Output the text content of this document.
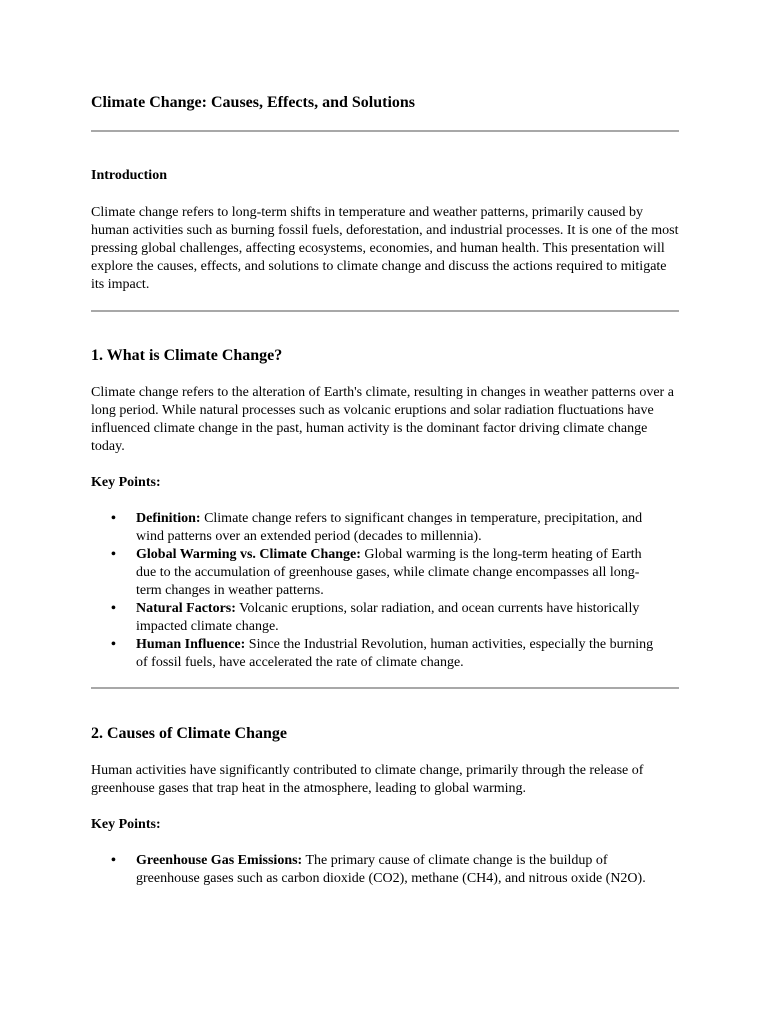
Climate Change: Causes, Effects, and Solutions
Introduction

Climate change refers to long-term shifts in temperature and weather patterns, primarily caused by human activities such as burning fossil fuels, deforestation, and industrial processes. It is one of the most pressing global challenges, affecting ecosystems, economies, and human health. This presentation will explore the causes, effects, and solutions to climate change and discuss the actions required to mitigate its impact.

1. What is Climate Change?

Climate change refers to the alteration of Earth's climate, resulting in changes in weather patterns over a long period. While natural processes such as volcanic eruptions and solar radiation fluctuations have influenced climate change in the past, human activity is the dominant factor driving climate change today.

Key Points:

• Definition: Climate change refers to significant changes in temperature, precipitation, and wind patterns over an extended period (decades to millennia).
• Global Warming vs. Climate Change: Global warming is the long-term heating of Earth due to the accumulation of greenhouse gases, while climate change encompasses all long-term changes in weather patterns.
• Natural Factors: Volcanic eruptions, solar radiation, and ocean currents have historically impacted climate change.
• Human Influence: Since the Industrial Revolution, human activities, especially the burning of fossil fuels, have accelerated the rate of climate change.
2. Causes of Climate Change

Human activities have significantly contributed to climate change, primarily through the release of greenhouse gases that trap heat in the atmosphere, leading to global warming.

Key Points:

• Greenhouse Gas Emissions: The primary cause of climate change is the buildup of greenhouse gases such as carbon dioxide (CO2), methane (CH4), and nitrous oxide (N2O).
